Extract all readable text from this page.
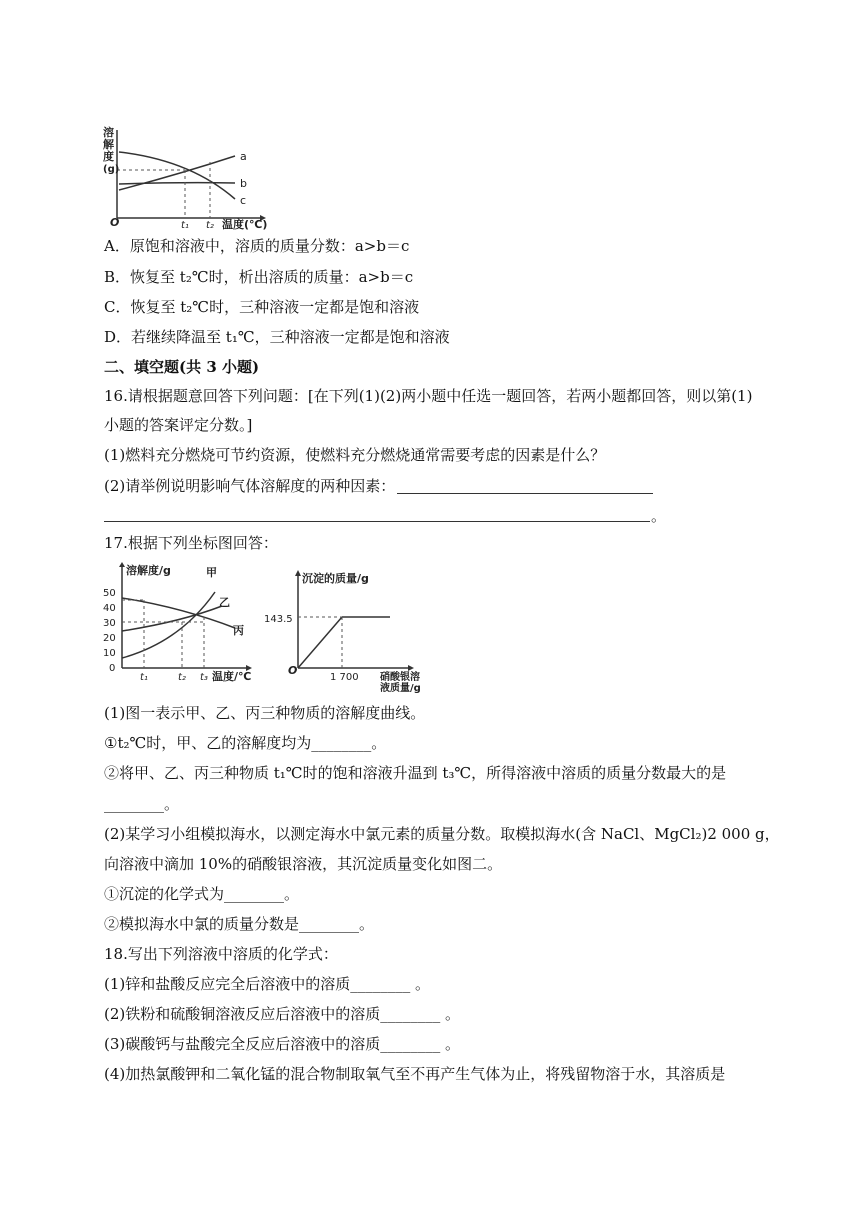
溶
解
度
(g)
O	t₁ t₂ 温度(℃)
a
b
c
A．原饱和溶液中，溶质的质量分数：a>b＝c
B．恢复至 t₂℃时，析出溶质的质量：a>b＝c
C．恢复至 t₂℃时，三种溶液一定都是饱和溶液
D．若继续降温至 t₁℃，三种溶液一定都是饱和溶液
二、填空题(共 3 小题)
16.请根据题意回答下列问题：[在下列(1)(2)两小题中任选一题回答，若两小题都回答，则以第(1)
小题的答案评定分数。]
(1)燃料充分燃烧可节约资源，使燃料充分燃烧通常需要考虑的因素是什么？
(2)请举例说明影响气体溶解度的两种因素：
。
17.根据下列坐标图回答：
50
40
30
20
10
0
溶解度/g	甲
乙
丙
t₁	t₂ t₃ 温度/℃
沉淀的质量/g
143.5
O
1 700 硝酸银溶
液质量/g
(1)图一表示甲、乙、丙三种物质的溶解度曲线。
①t₂℃时，甲、乙的溶解度均为________。
②将甲、乙、丙三种物质 t₁℃时的饱和溶液升温到 t₃℃，所得溶液中溶质的质量分数最大的是
________。
(2)某学习小组模拟海水，以测定海水中氯元素的质量分数。取模拟海水(含 NaCl、MgCl₂)2 000 g，
向溶液中滴加 10%的硝酸银溶液，其沉淀质量变化如图二。
①沉淀的化学式为________。
②模拟海水中氯的质量分数是________。
18.写出下列溶液中溶质的化学式：
(1)锌和盐酸反应完全后溶液中的溶质________ 。
(2)铁粉和硫酸铜溶液反应后溶液中的溶质________ 。
(3)碳酸钙与盐酸完全反应后溶液中的溶质________ 。
(4)加热氯酸钾和二氧化锰的混合物制取氧气至不再产生气体为止，将残留物溶于水，其溶质是
